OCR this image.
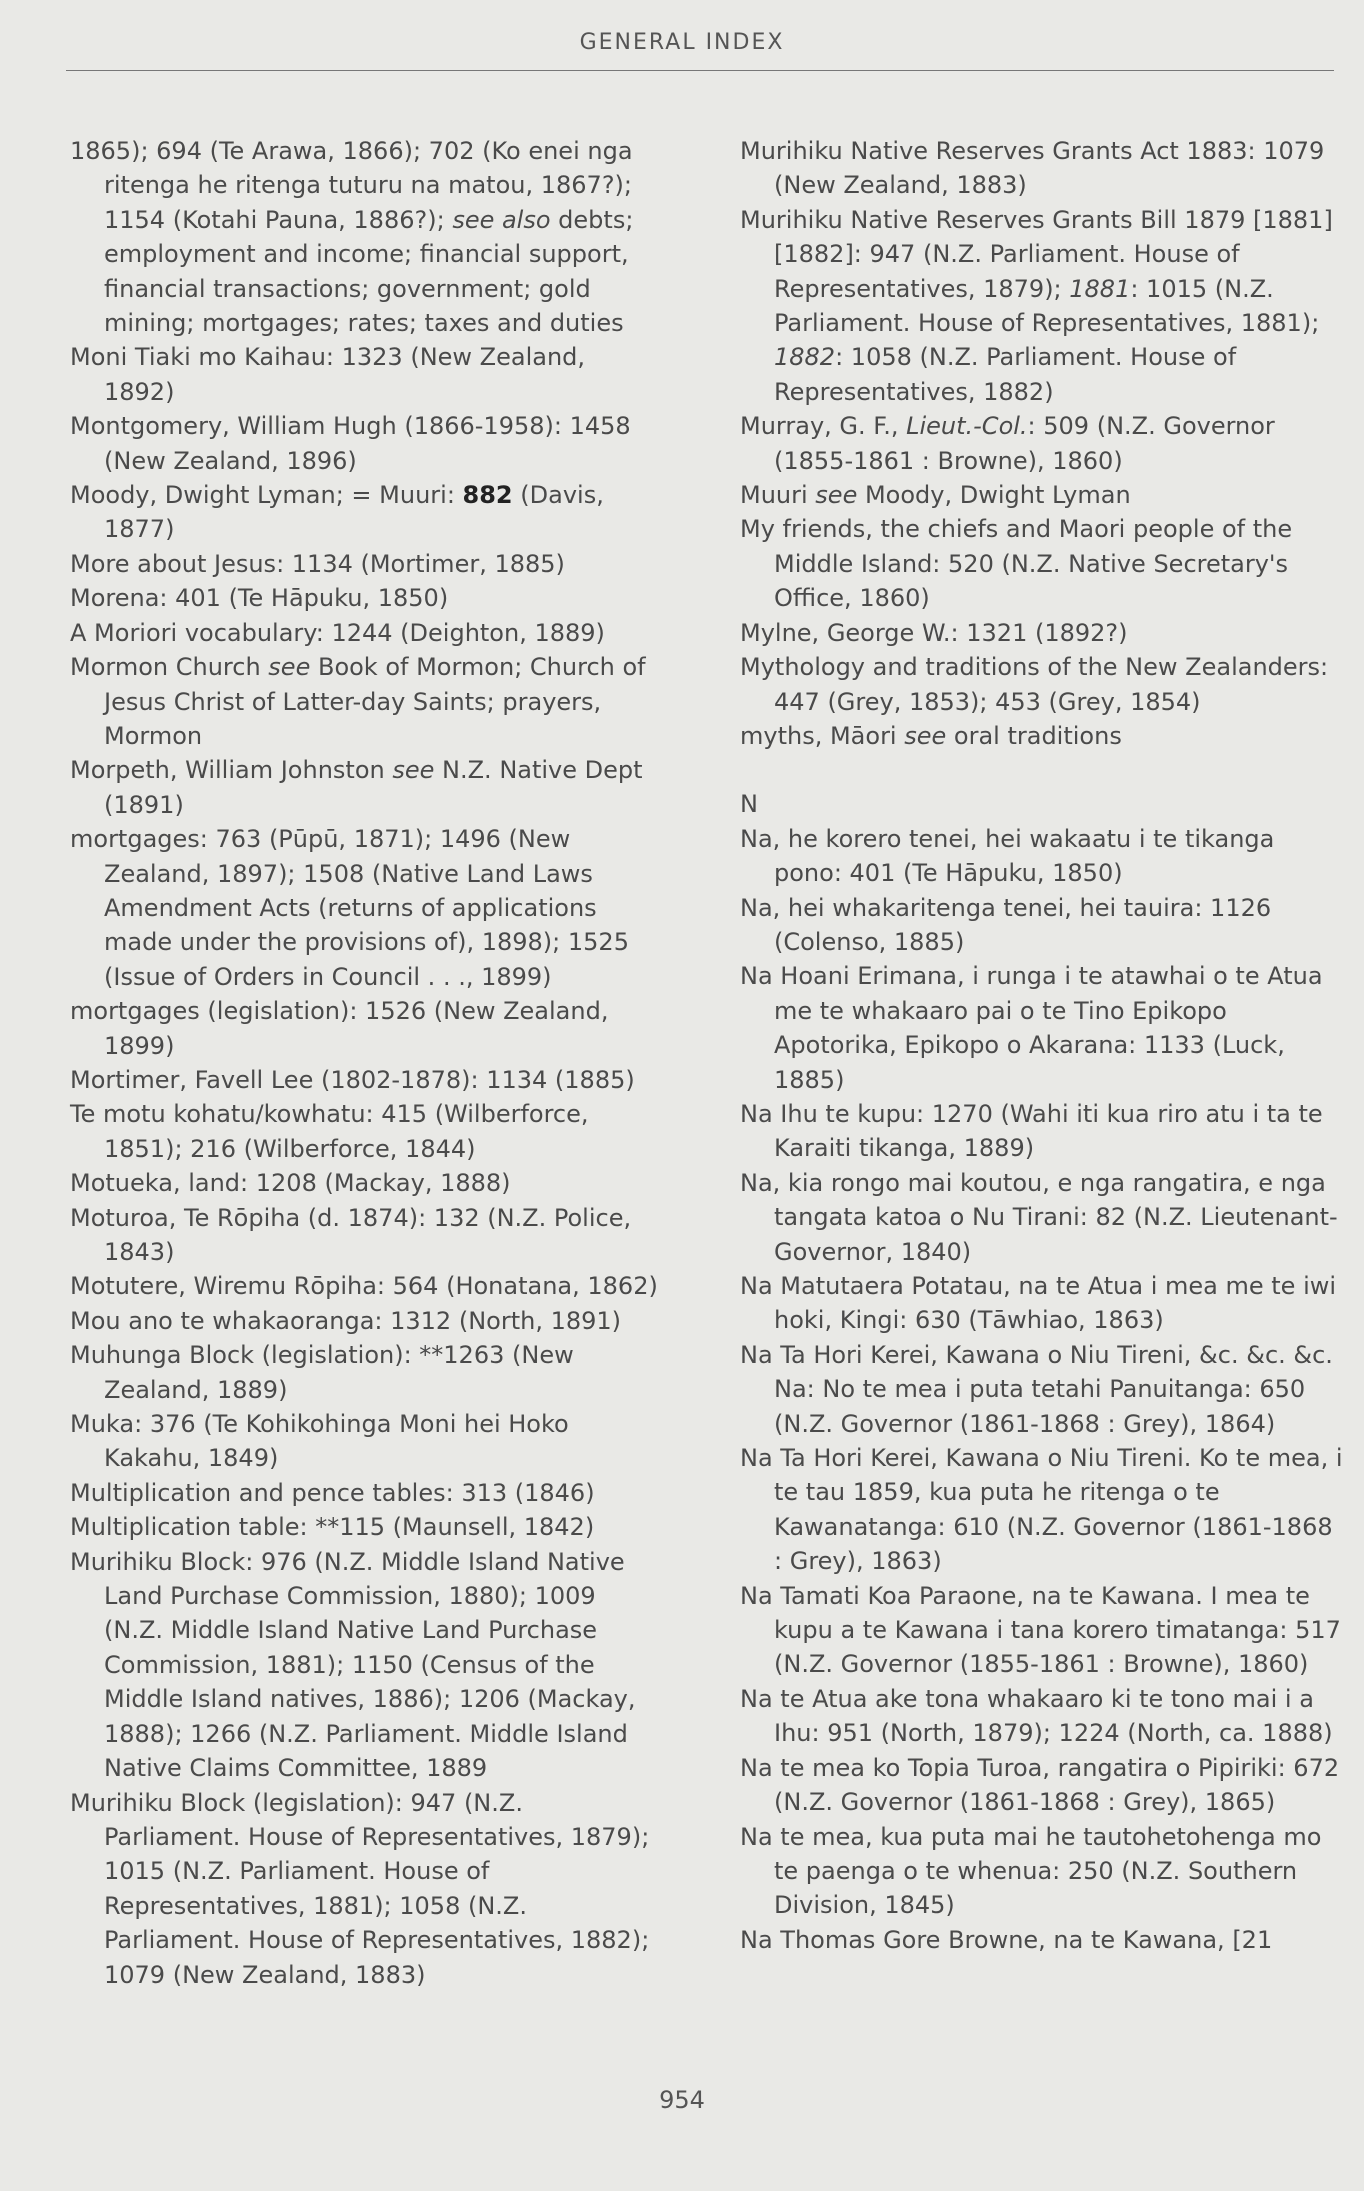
GENERAL INDEX

1865); 694 (Te Arawa, 1866); 702 (Ko enei nga ritenga he ritenga tuturu na matou, 1867?); 1154 (Kotahi Pauna, 1886?); see also debts; employment and income; financial support, financial transactions; government; gold mining; mortgages; rates; taxes and duties

Moni Tiaki mo Kaihau: 1323 (New Zealand, 1892)

Montgomery, William Hugh (1866-1958): 1458 (New Zealand, 1896)

Moody, Dwight Lyman; = Muuri: 882 (Davis, 1877)

More about Jesus: 1134 (Mortimer, 1885)

Morena: 401 (Te Hāpuku, 1850)

A Moriori vocabulary: 1244 (Deighton, 1889)

Mormon Church see Book of Mormon; Church of Jesus Christ of Latter-day Saints; prayers, Mormon

Morpeth, William Johnston see N.Z. Native Dept (1891)

mortgages: 763 (Pūpū, 1871); 1496 (New Zealand, 1897); 1508 (Native Land Laws Amendment Acts (returns of applications made under the provisions of), 1898); 1525 (Issue of Orders in Council . . ., 1899)

mortgages (legislation): 1526 (New Zealand, 1899)

Mortimer, Favell Lee (1802-1878): 1134 (1885)

Te motu kohatu/kowhatu: 415 (Wilberforce, 1851); 216 (Wilberforce, 1844)

Motueka, land: 1208 (Mackay, 1888)

Moturoa, Te Rōpiha (d. 1874): 132 (N.Z. Police, 1843)

Motutere, Wiremu Rōpiha: 564 (Honatana, 1862)

Mou ano te whakaoranga: 1312 (North, 1891)

Muhunga Block (legislation): **1263 (New Zealand, 1889)

Muka: 376 (Te Kohikohinga Moni hei Hoko Kakahu, 1849)

Multiplication and pence tables: 313 (1846)

Multiplication table: **115 (Maunsell, 1842)

Murihiku Block: 976 (N.Z. Middle Island Native Land Purchase Commission, 1880); 1009 (N.Z. Middle Island Native Land Purchase Commission, 1881); 1150 (Census of the Middle Island natives, 1886); 1206 (Mackay, 1888); 1266 (N.Z. Parliament. Middle Island Native Claims Committee, 1889

Murihiku Block (legislation): 947 (N.Z. Parliament. House of Representatives, 1879); 1015 (N.Z. Parliament. House of Representatives, 1881); 1058 (N.Z. Parliament. House of Representatives, 1882); 1079 (New Zealand, 1883)

Murihiku Native Reserves Grants Act 1883: 1079 (New Zealand, 1883)

Murihiku Native Reserves Grants Bill 1879 [1881] [1882]: 947 (N.Z. Parliament. House of Representatives, 1879); 1881: 1015 (N.Z. Parliament. House of Representatives, 1881); 1882: 1058 (N.Z. Parliament. House of Representatives, 1882)

Murray, G. F., Lieut.-Col.: 509 (N.Z. Governor (1855-1861 : Browne), 1860)

Muuri see Moody, Dwight Lyman

My friends, the chiefs and Maori people of the Middle Island: 520 (N.Z. Native Secretary's Office, 1860)

Mylne, George W.: 1321 (1892?)

Mythology and traditions of the New Zealanders: 447 (Grey, 1853); 453 (Grey, 1854)

myths, Māori see oral traditions

N

Na, he korero tenei, hei wakaatu i te tikanga pono: 401 (Te Hāpuku, 1850)

Na, hei whakaritenga tenei, hei tauira: 1126 (Colenso, 1885)

Na Hoani Erimana, i runga i te atawhai o te Atua me te whakaaro pai o te Tino Epikopo Apotorika, Epikopo o Akarana: 1133 (Luck, 1885)

Na Ihu te kupu: 1270 (Wahi iti kua riro atu i ta te Karaiti tikanga, 1889)

Na, kia rongo mai koutou, e nga rangatira, e nga tangata katoa o Nu Tirani: 82 (N.Z. Lieutenant-Governor, 1840)

Na Matutaera Potatau, na te Atua i mea me te iwi hoki, Kingi: 630 (Tāwhiao, 1863)

Na Ta Hori Kerei, Kawana o Niu Tireni, &c. &c. &c. Na: No te mea i puta tetahi Panuitanga: 650 (N.Z. Governor (1861-1868 : Grey), 1864)

Na Ta Hori Kerei, Kawana o Niu Tireni. Ko te mea, i te tau 1859, kua puta he ritenga o te Kawanatanga: 610 (N.Z. Governor (1861-1868 : Grey), 1863)

Na Tamati Koa Paraone, na te Kawana. I mea te kupu a te Kawana i tana korero timatanga: 517 (N.Z. Governor (1855-1861 : Browne), 1860)

Na te Atua ake tona whakaaro ki te tono mai i a Ihu: 951 (North, 1879); 1224 (North, ca. 1888)

Na te mea ko Topia Turoa, rangatira o Pipiriki: 672 (N.Z. Governor (1861-1868 : Grey), 1865)

Na te mea, kua puta mai he tautohetohenga mo te paenga o te whenua: 250 (N.Z. Southern Division, 1845)

Na Thomas Gore Browne, na te Kawana, [21

954
